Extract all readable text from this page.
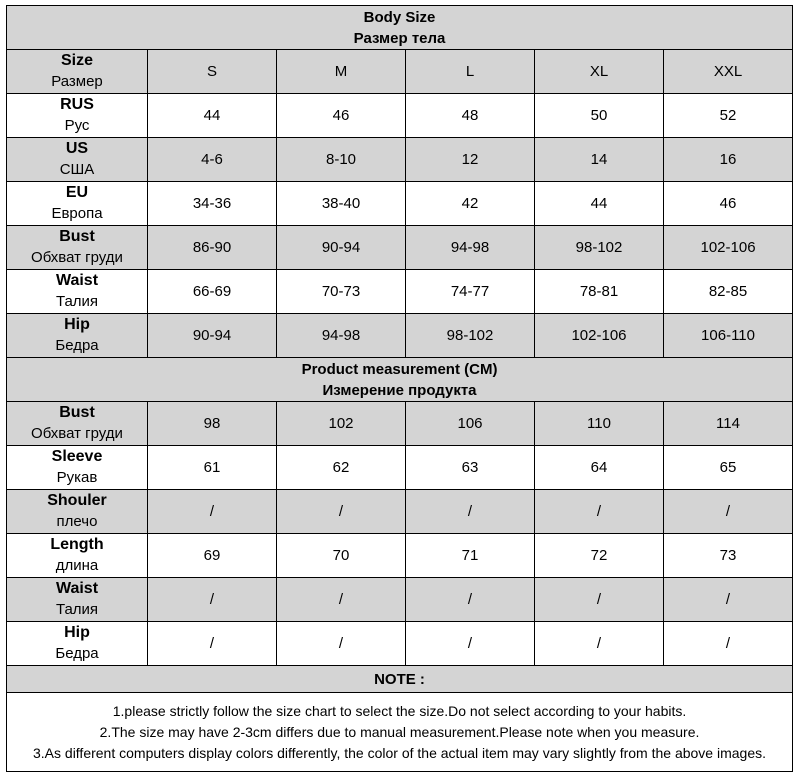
Body Size
Размер тела					

Size
Размер	S	M	L	XL	XXL

RUS
Рус	44	46	48	50	52

US
США	4-6	8-10	12	14	16

EU
Европа	34-36	38-40	42	44	46

Bust
Обхват груди	86-90	90-94	94-98	98-102	102-106

Waist
Талия	66-69	70-73	74-77	78-81	82-85

Hip
Бедра	90-94	94-98	98-102	102-106	106-110

Product measurement (CM)
Измерение продукта					

Bust
Обхват груди	98	102	106	110	114

Sleeve
Рукав	61	62	63	64	65

Shouler
плечо	/	/	/	/	/

Length
длина	69	70	71	72	73

Waist
Талия	/	/	/	/	/

Hip
Бедра	/	/	/	/	/
NOTE :					

1.please strictly follow the size chart to select the size.Do not select according to your habits.
2.The size may have 2-3cm differs due to manual measurement.Please note when you measure.
3.As different computers display colors differently, the color of the actual item may vary slightly from the above images.					
